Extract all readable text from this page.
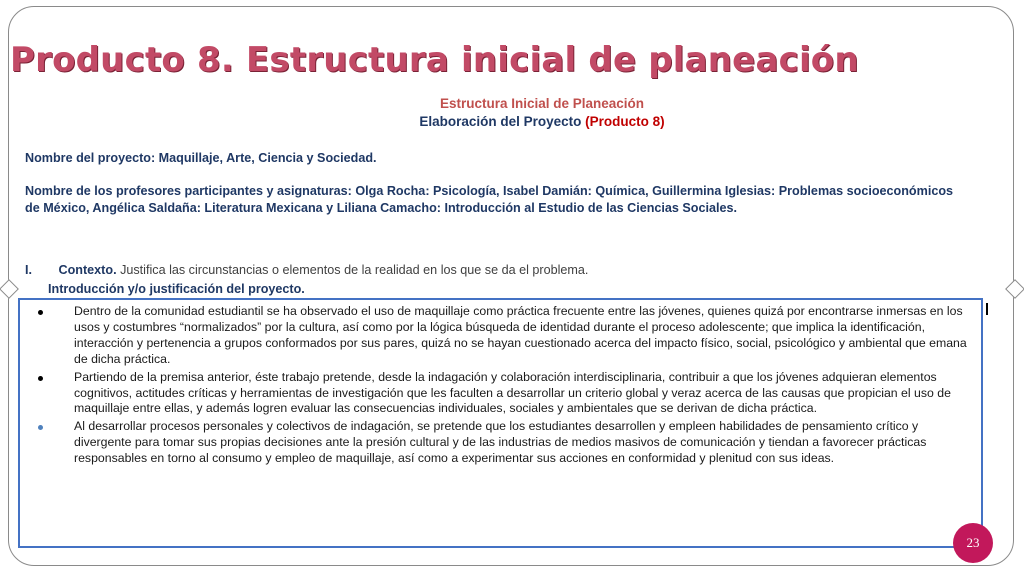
Producto 8. Estructura inicial de planeación
Estructura Inicial de Planeación
Elaboración del Proyecto (Producto 8)
Nombre del proyecto: Maquillaje, Arte, Ciencia y Sociedad.
Nombre de los profesores participantes y asignaturas: Olga Rocha: Psicología, Isabel Damián: Química, Guillermina Iglesias: Problemas socioeconómicos de México, Angélica Saldaña: Literatura Mexicana y Liliana Camacho: Introducción al Estudio de las Ciencias Sociales.
I. Contexto. Justifica las circunstancias o elementos de la realidad en los que se da el problema.
Introducción y/o justificación del proyecto.
Dentro de la comunidad estudiantil se ha observado el uso de maquillaje como práctica frecuente entre las jóvenes, quienes quizá por encontrarse inmersas en los usos y costumbres “normalizados” por la cultura, así como por la lógica búsqueda de identidad durante el proceso adolescente; que implica la identificación, interacción y pertenencia a grupos conformados por sus pares, quizá no se hayan cuestionado acerca del impacto físico, social, psicológico y ambiental que emana de dicha práctica.
Partiendo de la premisa anterior, éste trabajo pretende, desde la indagación y colaboración interdisciplinaria, contribuir a que los jóvenes adquieran elementos cognitivos, actitudes críticas y herramientas de investigación que les faculten a desarrollar un criterio global y veraz acerca de las causas que propician el uso de maquillaje entre ellas, y además logren evaluar las consecuencias individuales, sociales y ambientales que se derivan de dicha práctica.
Al desarrollar procesos personales y colectivos de indagación, se pretende que los estudiantes desarrollen y empleen habilidades de pensamiento crítico y divergente para tomar sus propias decisiones ante la presión cultural y de las industrias de medios masivos de comunicación y tiendan a favorecer prácticas responsables en torno al consumo y empleo de maquillaje, así como a experimentar sus acciones en conformidad y plenitud con sus ideas.
23
